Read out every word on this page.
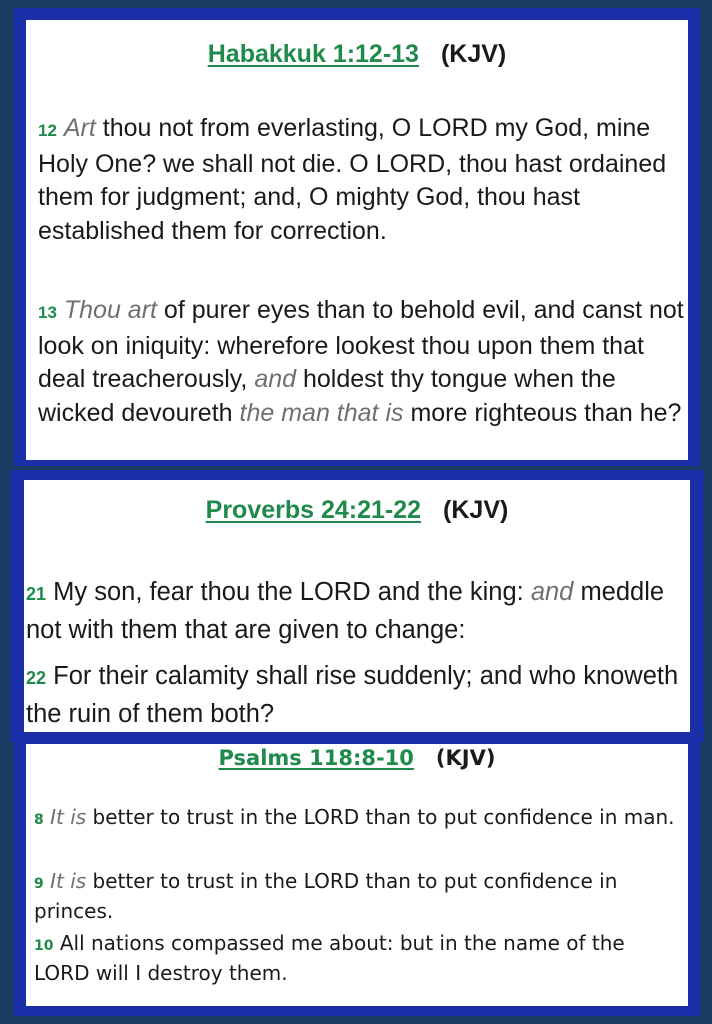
Habakkuk 1:12-13 (KJV)

12 Art thou not from everlasting, O LORD my God, mine Holy One? we shall not die. O LORD, thou hast ordained them for judgment; and, O mighty God, thou hast established them for correction.

13 Thou art of purer eyes than to behold evil, and canst not look on iniquity: wherefore lookest thou upon them that deal treacherously, and holdest thy tongue when the wicked devoureth the man that is more righteous than he?

Proverbs 24:21-22 (KJV)

21 My son, fear thou the LORD and the king: and meddle not with them that are given to change:

22 For their calamity shall rise suddenly; and who knoweth the ruin of them both?

Psalms 118:8-10 (KJV)

8 It is better to trust in the LORD than to put confidence in man.

9 It is better to trust in the LORD than to put confidence in princes.

10 All nations compassed me about: but in the name of the LORD will I destroy them.
